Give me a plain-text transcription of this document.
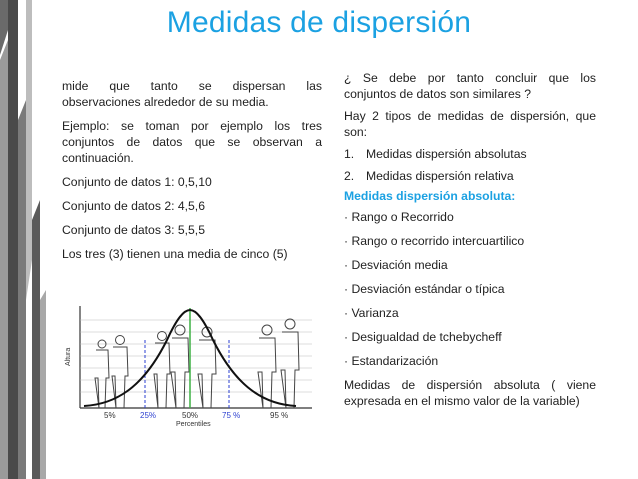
Medidas de dispersión

mide que tanto se dispersan las

observaciones alrededor de su media.

Ejemplo: se toman por ejemplo los tres

conjuntos de datos que se observan a

continuación.

Conjunto de datos 1: 0,5,10

Conjunto de datos 2: 4,5,6

Conjunto de datos 3: 5,5,5

Los tres (3) tienen una media de cinco (5)

Altura
5%	25%	50%	75 %	95 %
Percentiles

¿ Se debe por tanto concluir que los

conjuntos de datos son similares ?

Hay 2 tipos de medidas de dispersión, que

son:

1. Medidas dispersión absolutas

2. Medidas dispersión relativa

Medidas dispersión absoluta:

· Rango o Recorrido

· Rango o recorrido intercuartilico

· Desviación media

· Desviación estándar o típica

· Varianza

· Desigualdad de tchebycheff

· Estandarización

Medidas de dispersión absoluta ( viene

expresada en el mismo valor de la variable)
